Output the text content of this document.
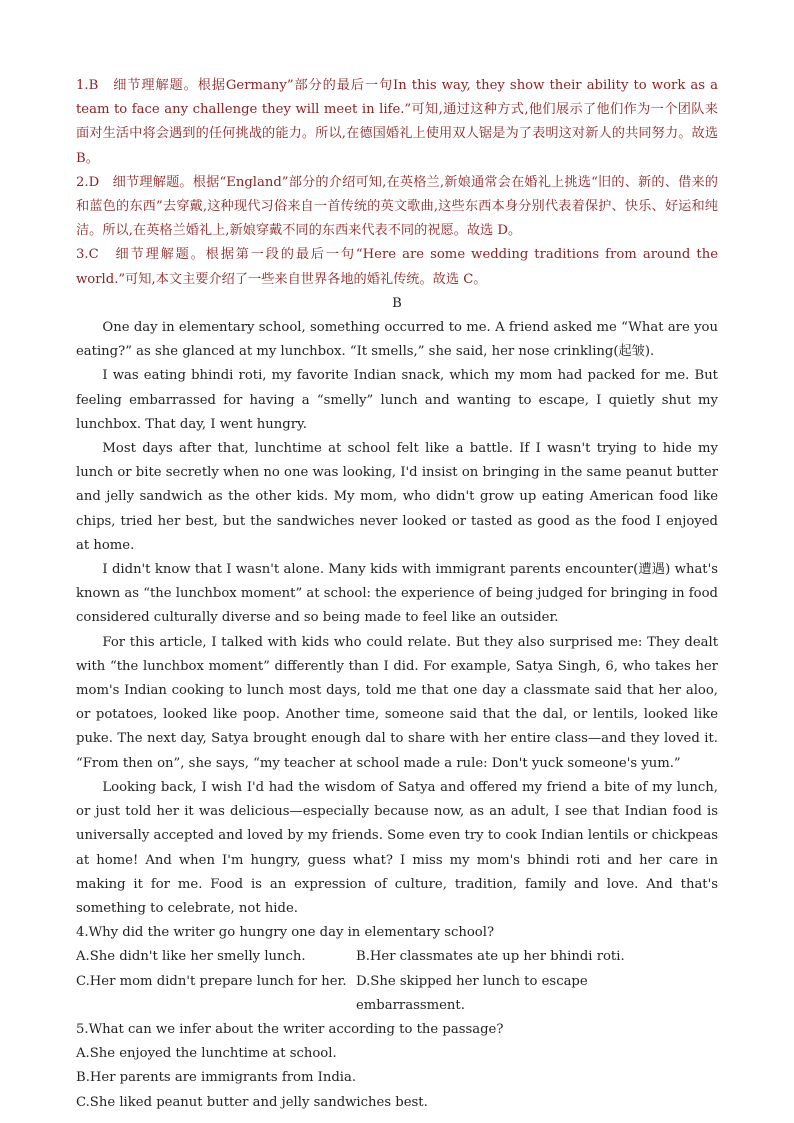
1.B　细节理解题。根据Germany”部分的最后一句In this way, they show their ability to work as a team to face any challenge they will meet in life.”可知,通过这种方式,他们展示了他们作为一个团队来面对生活中将会遇到的任何挑战的能力。所以,在德国婚礼上使用双人锯是为了表明这对新人的共同努力。故选 B。

2.D　细节理解题。根据“England”部分的介绍可知,在英格兰,新娘通常会在婚礼上挑选“旧的、新的、借来的和蓝色的东西”去穿戴,这种现代习俗来自一首传统的英文歌曲,这些东西本身分别代表着保护、快乐、好运和纯洁。所以,在英格兰婚礼上,新娘穿戴不同的东西来代表不同的祝愿。故选 D。

3.C　细节理解题。根据第一段的最后一句“Here are some wedding traditions from around the world.”可知,本文主要介绍了一些来自世界各地的婚礼传统。故选 C。

B

One day in elementary school, something occurred to me. A friend asked me “What are you eating?” as she glanced at my lunchbox. “It smells,” she said, her nose crinkling(起皱).

I was eating bhindi roti, my favorite Indian snack, which my mom had packed for me. But feeling embarrassed for having a “smelly” lunch and wanting to escape, I quietly shut my lunchbox. That day, I went hungry.

Most days after that, lunchtime at school felt like a battle. If I wasn't trying to hide my lunch or bite secretly when no one was looking, I'd insist on bringing in the same peanut butter and jelly sandwich as the other kids. My mom, who didn't grow up eating American food like chips, tried her best, but the sandwiches never looked or tasted as good as the food I enjoyed at home.

I didn't know that I wasn't alone. Many kids with immigrant parents encounter(遭遇) what's known as “the lunchbox moment” at school: the experience of being judged for bringing in food considered culturally diverse and so being made to feel like an outsider.

For this article, I talked with kids who could relate. But they also surprised me: They dealt with “the lunchbox moment” differently than I did. For example, Satya Singh, 6, who takes her mom's Indian cooking to lunch most days, told me that one day a classmate said that her aloo, or potatoes, looked like poop. Another time, someone said that the dal, or lentils, looked like puke. The next day, Satya brought enough dal to share with her entire class—and they loved it. “From then on”, she says, “my teacher at school made a rule: Don't yuck someone's yum.”

Looking back, I wish I'd had the wisdom of Satya and offered my friend a bite of my lunch, or just told her it was delicious—especially because now, as an adult, I see that Indian food is universally accepted and loved by my friends. Some even try to cook Indian lentils or chickpeas at home! And when I'm hungry, guess what? I miss my mom's bhindi roti and her care in making it for me. Food is an expression of culture, tradition, family and love. And that's something to celebrate, not hide.

4.Why did the writer go hungry one day in elementary school?

A.She didn't like her smelly lunch.	B.Her classmates ate up her bhindi roti.
C.Her mom didn't prepare lunch for her. D.She skipped her lunch to escape embarrassment.

5.What can we infer about the writer according to the passage?

A.She enjoyed the lunchtime at school.

B.Her parents are immigrants from India.

C.She liked peanut butter and jelly sandwiches best.
